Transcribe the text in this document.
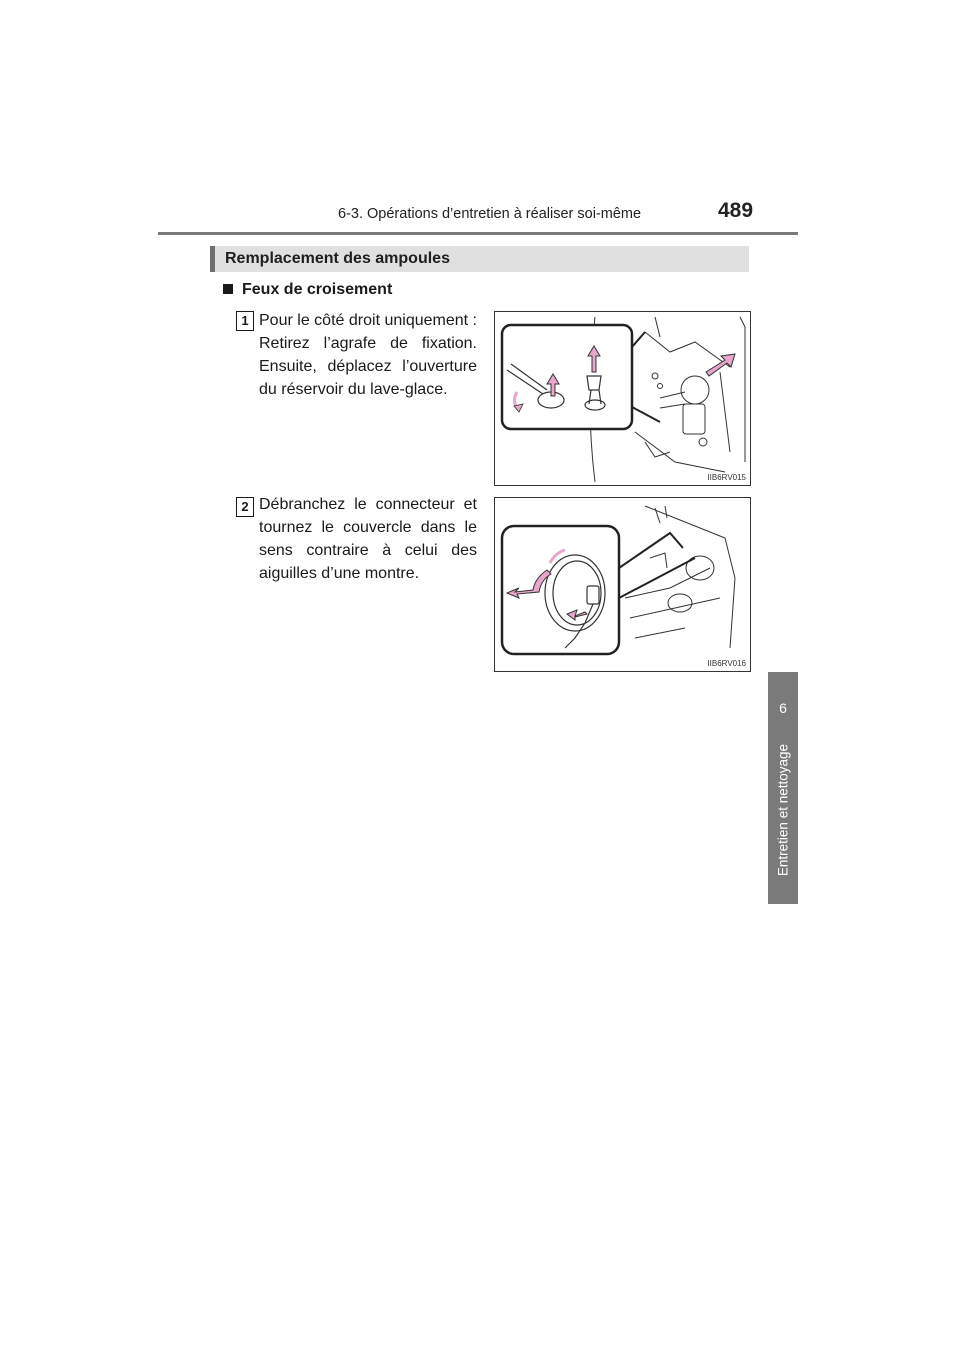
6-3. Opérations d’entretien à réaliser soi-même	489
6
Entretien et nettoyage
Remplacement des ampoules
Feux de croisement
1 Pour le côté droit uniquement : Retirez l’agrafe de fixation. Ensuite, déplacez l’ouverture du réservoir du lave-glace.
IIB6RV015
2 Débranchez le connecteur et tournez le couvercle dans le sens contraire à celui des aiguilles d’une montre.
IIB6RV016
